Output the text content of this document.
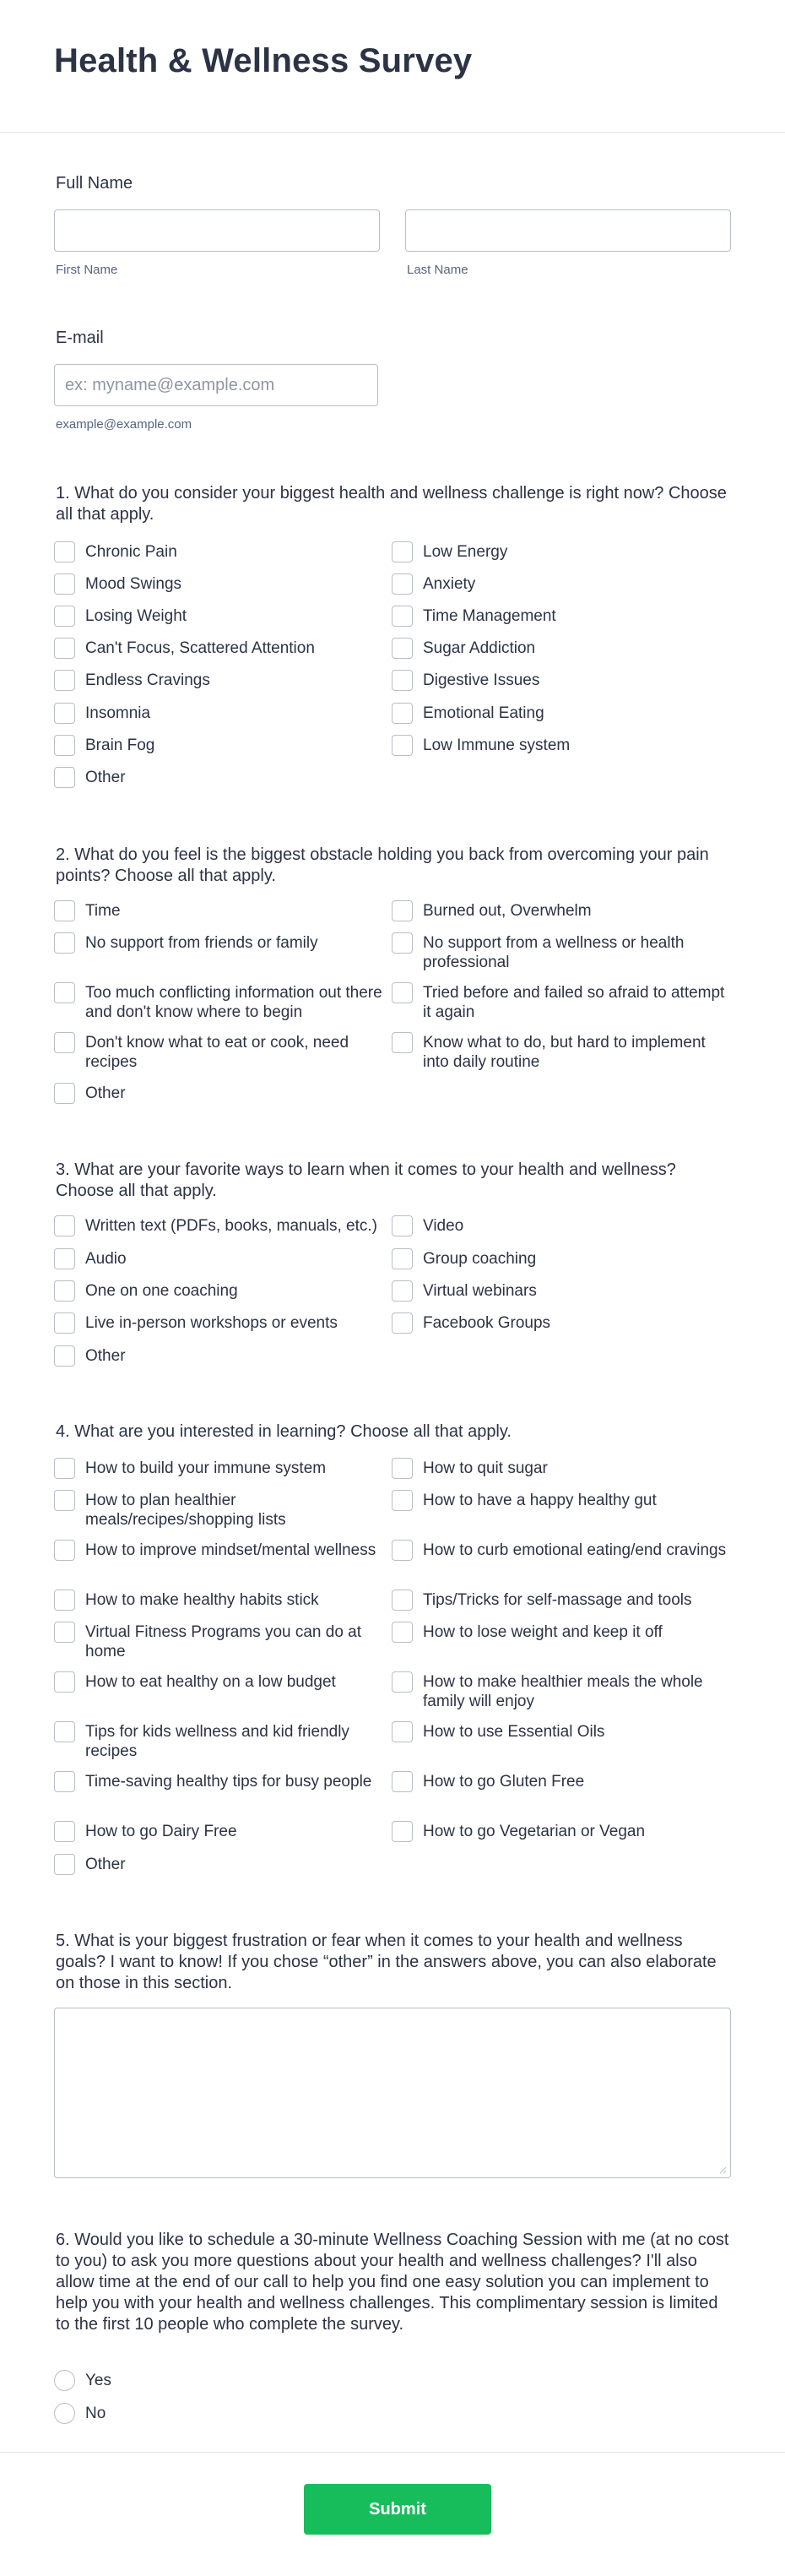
Health & Wellness Survey
Full Name
First Name	Last Name
E-mail
ex: myname@example.com
example@example.com
1. What do you consider your biggest health and wellness challenge is right now? Choose all that apply.
Chronic Pain	Low Energy
Mood Swings	Anxiety
Losing Weight	Time Management
Can't Focus, Scattered Attention	Sugar Addiction
Endless Cravings	Digestive Issues
Insomnia	Emotional Eating
Brain Fog	Low Immune system
Other
2. What do you feel is the biggest obstacle holding you back from overcoming your pain points? Choose all that apply.
Time	Burned out, Overwhelm
No support from friends or family	No support from a wellness or health professional
Too much conflicting information out there and don't know where to begin
Tried before and failed so afraid to attempt it again
Don't know what to eat or cook, need recipes
Know what to do, but hard to implement into daily routine
Other
3. What are your favorite ways to learn when it comes to your health and wellness? Choose all that apply.
Written text (PDFs, books, manuals, etc.)	Video
Audio	Group coaching
One on one coaching	Virtual webinars
Live in-person workshops or events	Facebook Groups
Other
4. What are you interested in learning? Choose all that apply.
How to build your immune system	How to quit sugar
How to plan healthier meals/recipes/shopping lists
How to have a happy healthy gut
How to improve mindset/mental wellness	How to curb emotional eating/end cravings
How to make healthy habits stick	Tips/Tricks for self-massage and tools
Virtual Fitness Programs you can do at home
How to lose weight and keep it off
How to eat healthy on a low budget	How to make healthier meals the whole family will enjoy
Tips for kids wellness and kid friendly recipes
How to use Essential Oils
Time-saving healthy tips for busy people	How to go Gluten Free
How to go Dairy Free	How to go Vegetarian or Vegan
Other
5. What is your biggest frustration or fear when it comes to your health and wellness goals? I want to know! If you chose “other” in the answers above, you can also elaborate on those in this section.
6. Would you like to schedule a 30-minute Wellness Coaching Session with me (at no cost to you) to ask you more questions about your health and wellness challenges? I'll also allow time at the end of our call to help you find one easy solution you can implement to help you with your health and wellness challenges. This complimentary session is limited to the first 10 people who complete the survey.
Yes
No
Submit
